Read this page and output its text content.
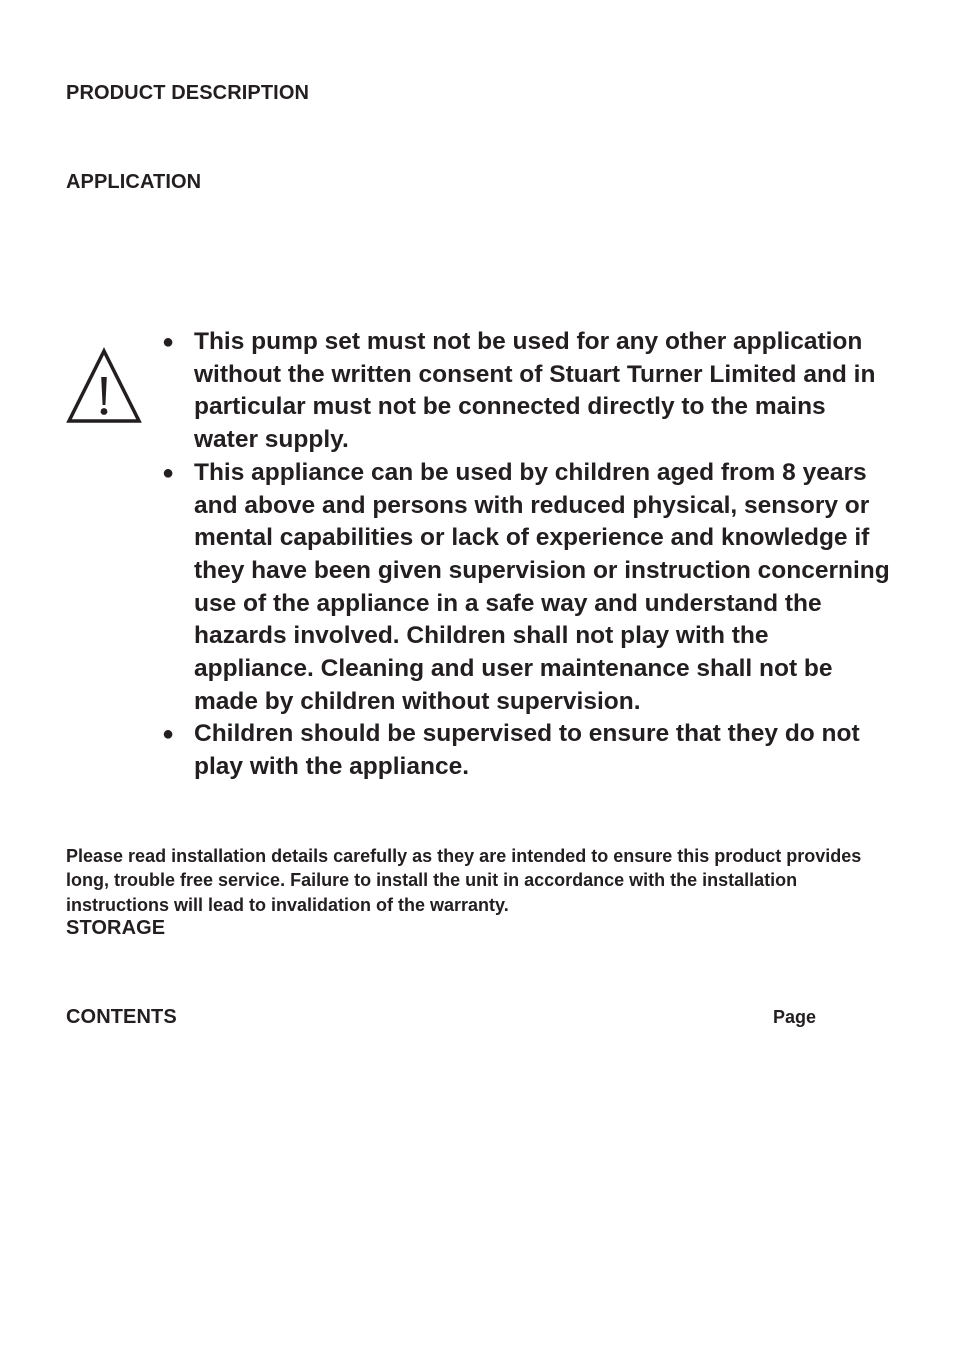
PRODUCT DESCRIPTION
APPLICATION
● This pump set must not be used for any other application without the written consent of Stuart Turner Limited and in particular must not be connected directly to the mains water supply.
● This appliance can be used by children aged from 8 years and above and persons with reduced physical, sensory or mental capabilities or lack of experience and knowledge if they have been given supervision or instruction concerning use of the appliance in a safe way and understand the hazards involved. Children shall not play with the appliance. Cleaning and user maintenance shall not be made by children without supervision.
● Children should be supervised to ensure that they do not play with the appliance.

Please read installation details carefully as they are intended to ensure this product provides long, trouble free service. Failure to install the unit in accordance with the installation instructions will lead to invalidation of the warranty.

STORAGE
CONTENTS	Page
